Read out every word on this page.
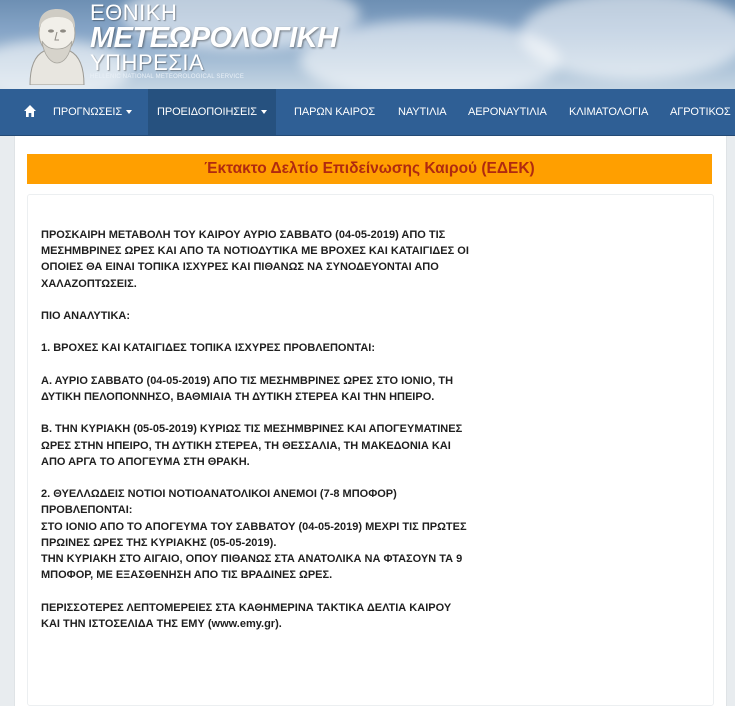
ΕΘΝΙΚΗ
ΜΕΤΕΩΡΟΛΟΓΙΚΗ
ΥΠΗΡΕΣΙΑ
HELLENIC NATIONAL METEOROLOGICAL SERVICE
ΠΡΟΓΝΩΣΕΙΣ	ΠΡΟΕΙΔΟΠΟΙΗΣΕΙΣ	ΠΑΡΩΝ ΚΑΙΡΟΣ ΝΑΥΤΙΛΙΑ ΑΕΡΟΝΑΥΤΙΛΙΑ ΚΛΙΜΑΤΟΛΟΓΙΑ ΑΓΡΟΤΙΚΟΣ
Έκτακτο Δελτίο Επιδείνωσης Καιρού (ΕΔΕΚ)
ΠΡΟΣΚΑΙΡΗ ΜΕΤΑΒΟΛΗ ΤΟΥ ΚΑΙΡΟΥ ΑΥΡΙΟ ΣΑΒΒΑΤΟ (04-05-2019) ΑΠΟ ΤΙΣ
ΜΕΣΗΜΒΡΙΝΕΣ ΩΡΕΣ ΚΑΙ ΑΠΟ ΤΑ ΝΟΤΙΟΔΥΤΙΚΑ ΜΕ ΒΡΟΧΕΣ ΚΑΙ ΚΑΤΑΙΓΙΔΕΣ ΟΙ
ΟΠΟΙΕΣ ΘΑ ΕΙΝΑΙ ΤΟΠΙΚΑ ΙΣΧΥΡΕΣ ΚΑΙ ΠΙΘΑΝΩΣ ΝΑ ΣΥΝΟΔΕΥΟΝΤΑΙ ΑΠΟ
ΧΑΛΑΖΟΠΤΩΣΕΙΣ.
ΠΙΟ ΑΝΑΛΥΤΙΚΑ:
1. ΒΡΟΧΕΣ ΚΑΙ ΚΑΤΑΙΓΙΔΕΣ ΤΟΠΙΚΑ ΙΣΧΥΡΕΣ ΠΡΟΒΛΕΠΟΝΤΑΙ:
Α. ΑΥΡΙΟ ΣΑΒΒΑΤΟ (04-05-2019) ΑΠΟ ΤΙΣ ΜΕΣΗΜΒΡΙΝΕΣ ΩΡΕΣ ΣΤΟ ΙΟΝΙΟ, ΤΗ
ΔΥΤΙΚΗ ΠΕΛΟΠΟΝΝΗΣΟ, ΒΑΘΜΙΑΙΑ ΤΗ ΔΥΤΙΚΗ ΣΤΕΡΕΑ ΚΑΙ ΤΗΝ ΗΠΕΙΡΟ.
Β. ΤΗΝ ΚΥΡΙΑΚΗ (05-05-2019) ΚΥΡΙΩΣ ΤΙΣ ΜΕΣΗΜΒΡΙΝΕΣ ΚΑΙ ΑΠΟΓΕΥΜΑΤΙΝΕΣ
ΩΡΕΣ ΣΤΗΝ ΗΠΕΙΡΟ, ΤΗ ΔΥΤΙΚΗ ΣΤΕΡΕΑ, ΤΗ ΘΕΣΣΑΛΙΑ, ΤΗ ΜΑΚΕΔΟΝΙΑ ΚΑΙ
ΑΠΟ ΑΡΓΑ ΤΟ ΑΠΟΓΕΥΜΑ ΣΤΗ ΘΡΑΚΗ.
2. ΘΥΕΛΛΩΔΕΙΣ ΝΟΤΙΟΙ ΝΟΤΙΟΑΝΑΤΟΛΙΚΟΙ ΑΝΕΜΟΙ (7-8 ΜΠΟΦΟΡ)
ΠΡΟΒΛΕΠΟΝΤΑΙ:
ΣΤΟ ΙΟΝΙΟ ΑΠΟ ΤΟ ΑΠΟΓΕΥΜΑ ΤΟΥ ΣΑΒΒΑΤΟΥ (04-05-2019) ΜΕΧΡΙ ΤΙΣ ΠΡΩΤΕΣ
ΠΡΩΙΝΕΣ ΩΡΕΣ ΤΗΣ ΚΥΡΙΑΚΗΣ (05-05-2019).
ΤΗΝ ΚΥΡΙΑΚΗ ΣΤΟ ΑΙΓΑΙΟ, ΟΠΟΥ ΠΙΘΑΝΩΣ ΣΤΑ ΑΝΑΤΟΛΙΚΑ ΝΑ ΦΤΑΣΟΥΝ ΤΑ 9
ΜΠΟΦΟΡ, ΜΕ ΕΞΑΣΘΕΝΗΣΗ ΑΠΟ ΤΙΣ ΒΡΑΔΙΝΕΣ ΩΡΕΣ.
ΠΕΡΙΣΣΟΤΕΡΕΣ ΛΕΠΤΟΜΕΡΕΙΕΣ ΣΤΑ ΚΑΘΗΜΕΡΙΝΑ ΤΑΚΤΙΚΑ ΔΕΛΤΙΑ ΚΑΙΡΟΥ
ΚΑΙ ΤΗΝ ΙΣΤΟΣΕΛΙΔΑ ΤΗΣ ΕΜΥ (www.emy.gr).
